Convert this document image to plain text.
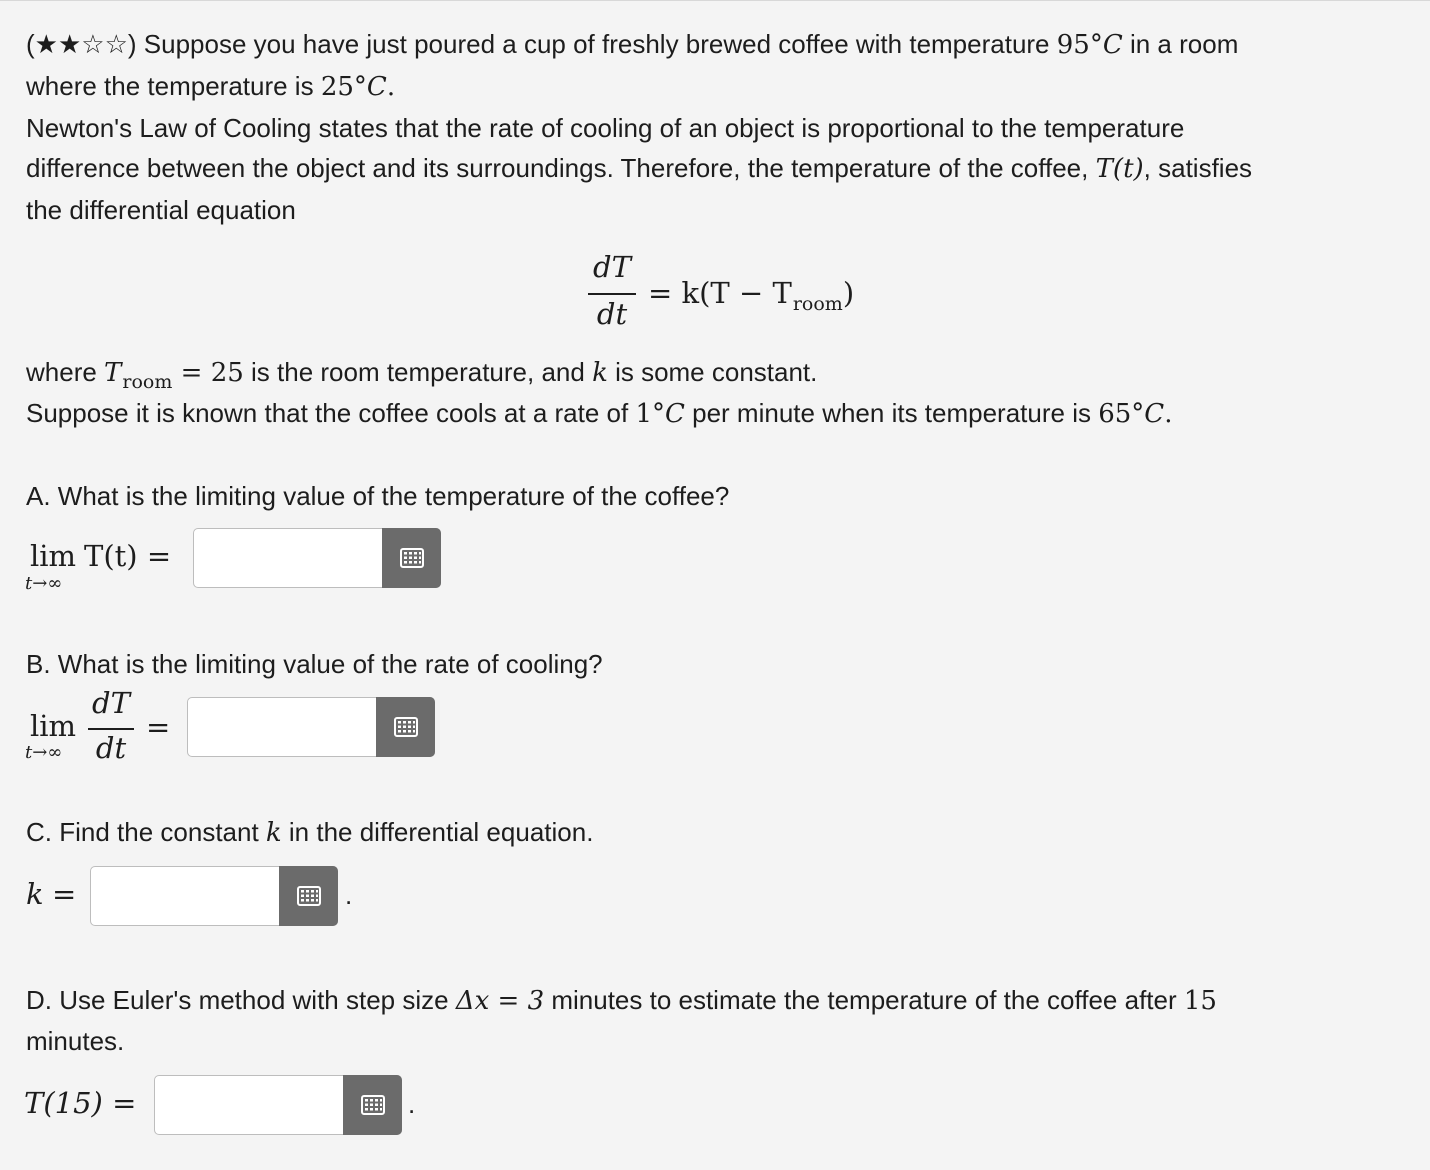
(★★☆☆) Suppose you have just poured a cup of freshly brewed coffee with temperature 95°C in a room
where the temperature is 25°C.
Newton's Law of Cooling states that the rate of cooling of an object is proportional to the temperature
difference between the object and its surroundings. Therefore, the temperature of the coffee, T(t), satisfies
the differential equation
dT
dt
= $k(T - T_{room})$
where $T_{room} = 25$ is the room temperature, and k is some constant.
Suppose it is known that the coffee cools at a rate of 1°C per minute when its temperature is 65°C.
A. What is the limiting value of the temperature of the coffee?
lim
t→∞
T(t) =
B. What is the limiting value of the rate of cooling?
lim
t→∞
dT
dt
=
C. Find the constant k in the differential equation.
k =	.
D. Use Euler's method with step size Δx = 3 minutes to estimate the temperature of the coffee after 15
minutes.
T(15) =	.
